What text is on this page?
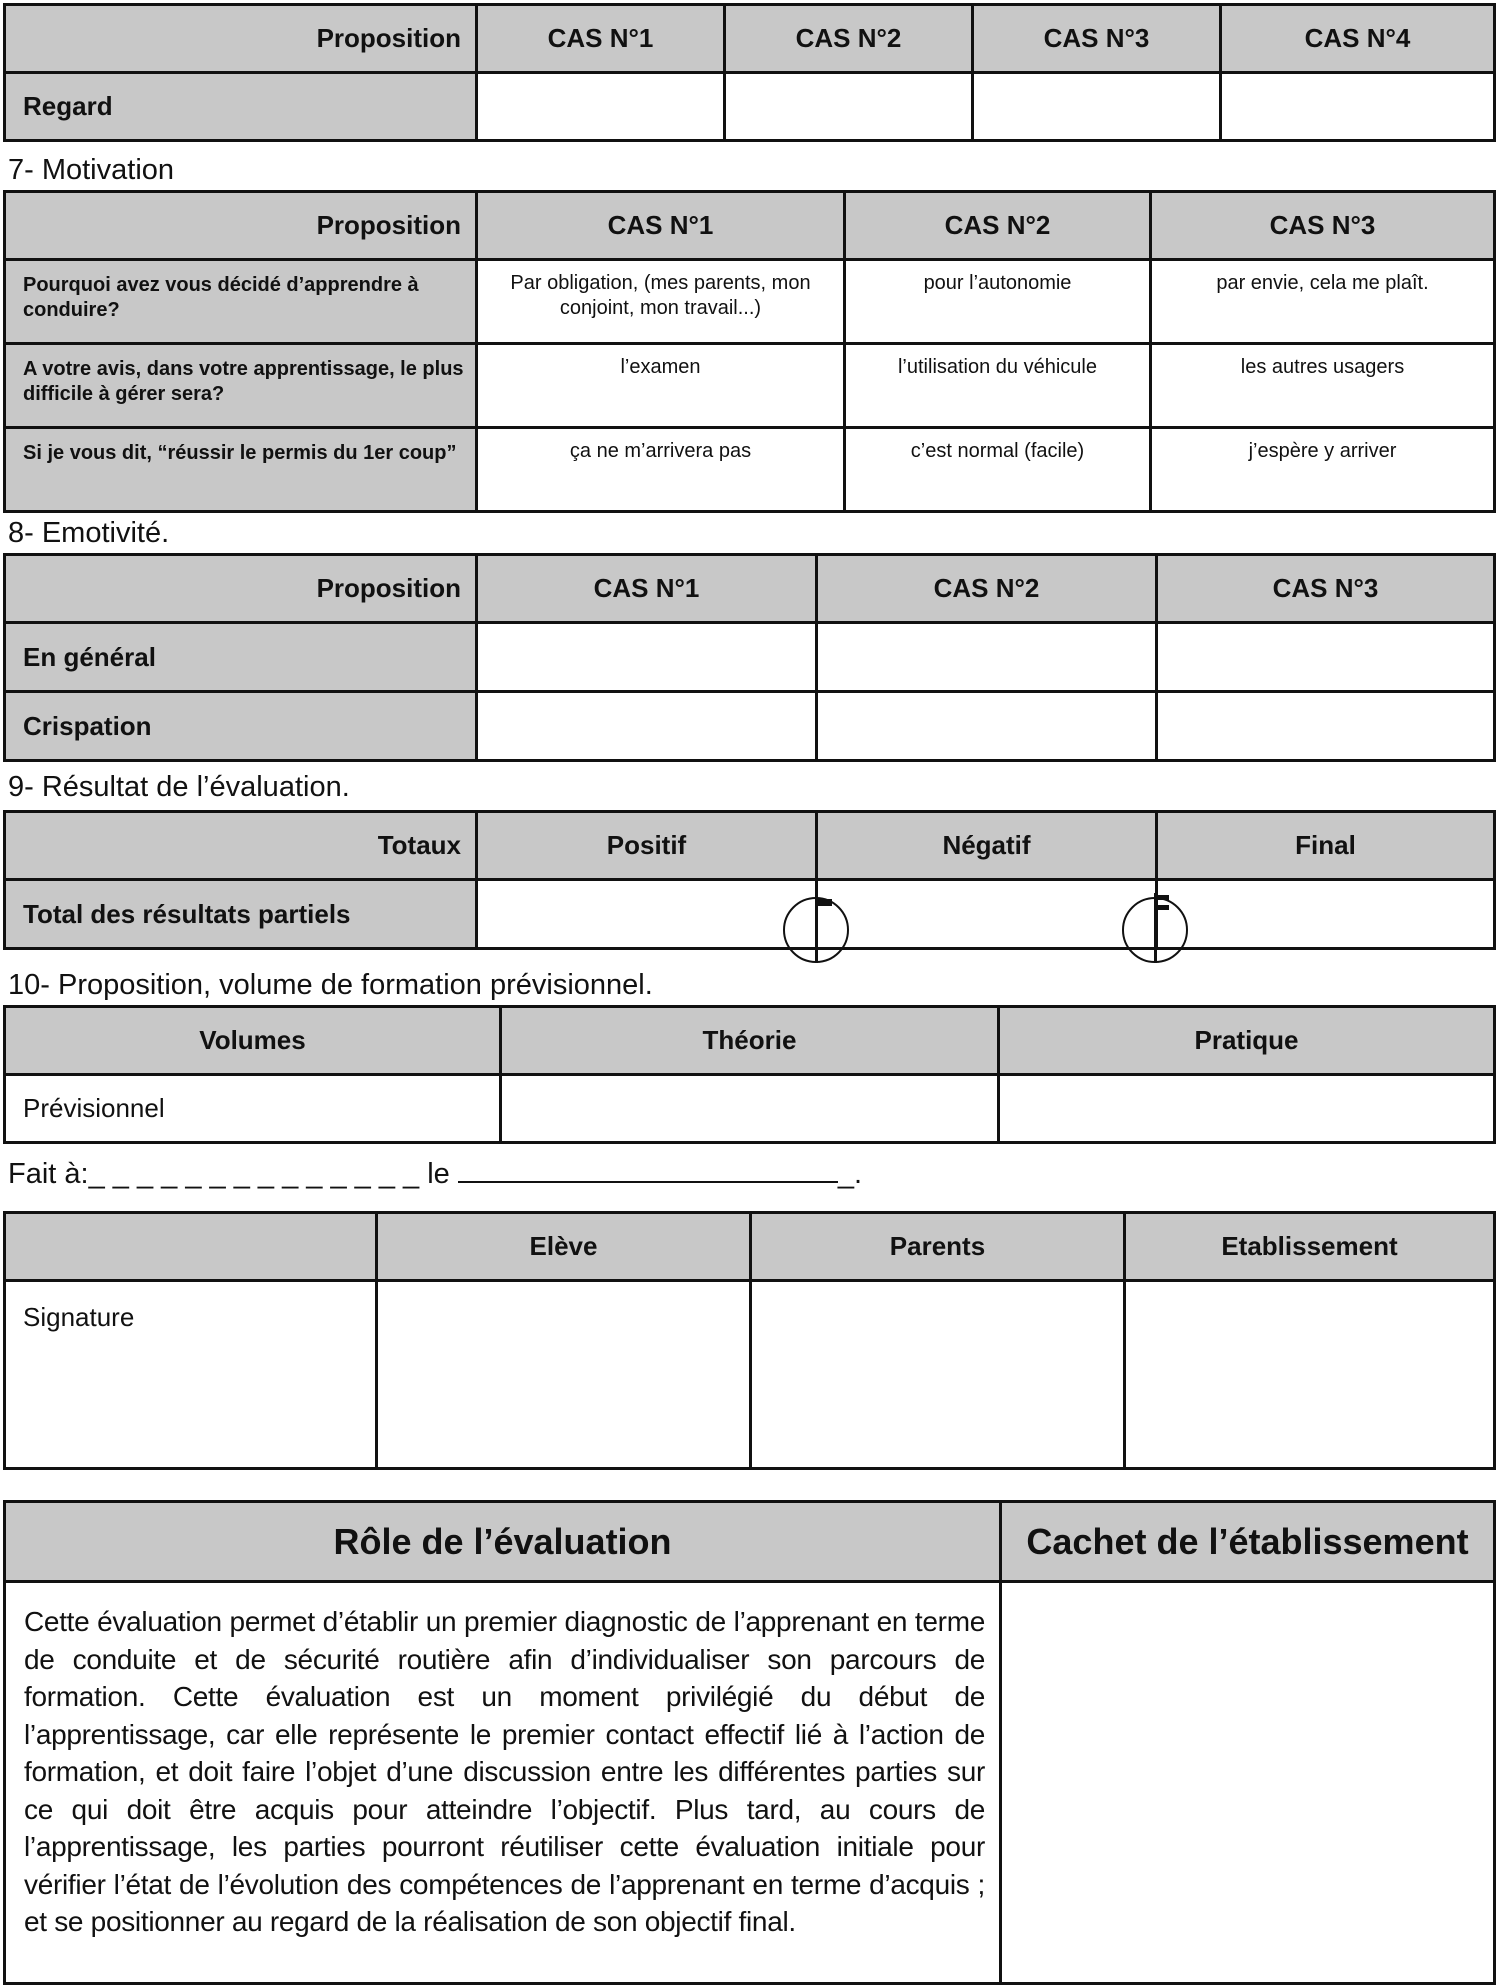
Proposition	CAS N°1	CAS N°2	CAS N°3	CAS N°4
Regard				
7- Motivation
Proposition	CAS N°1	CAS N°2	CAS N°3
Pourquoi avez vous décidé d’apprendre à conduire?	Par obligation, (mes parents, mon conjoint, mon travail...)	pour l’autonomie	par envie, cela me plaît.
A votre avis, dans votre apprentissage, le plus difficile à gérer sera?	l’examen	l’utilisation du véhicule	les autres usagers
Si je vous dit, “réussir le permis du 1er coup”	ça ne m’arrivera pas	c’est normal (facile)	j’espère y arriver
8- Emotivité.
Proposition	CAS N°1	CAS N°2	CAS N°3
En général			
Crispation			
9- Résultat de l’évaluation.
Totaux	Positif	Négatif	Final
Total des résultats partiels			
10- Proposition, volume de formation prévisionnel.
Volumes	Théorie	Pratique
Prévisionnel		
Fait à:_ _ _ _ _ _ _ _ _ _ _ _ _ _ le	_.
	Elève	Parents	Etablissement
Signature			
Rôle de l’évaluation	Cachet de l’établissement
Cette évaluation permet d’établir un premier diagnostic de l’apprenant en terme de conduite et de sécurité routière afin d’individualiser son parcours de formation. Cette évaluation est un moment privilégié du début de l’apprentissage, car elle représente le premier contact effectif lié à l’action de formation, et doit faire l’objet d’une discussion entre les différentes parties sur ce qui doit être acquis pour atteindre l’objectif. Plus tard, au cours de l’apprentissage, les parties pourront réutiliser cette évaluation initiale pour vérifier l’état de l’évolution des compétences de l’apprenant en terme d’acquis ; et se positionner au regard de la réalisation de son objectif final.	
